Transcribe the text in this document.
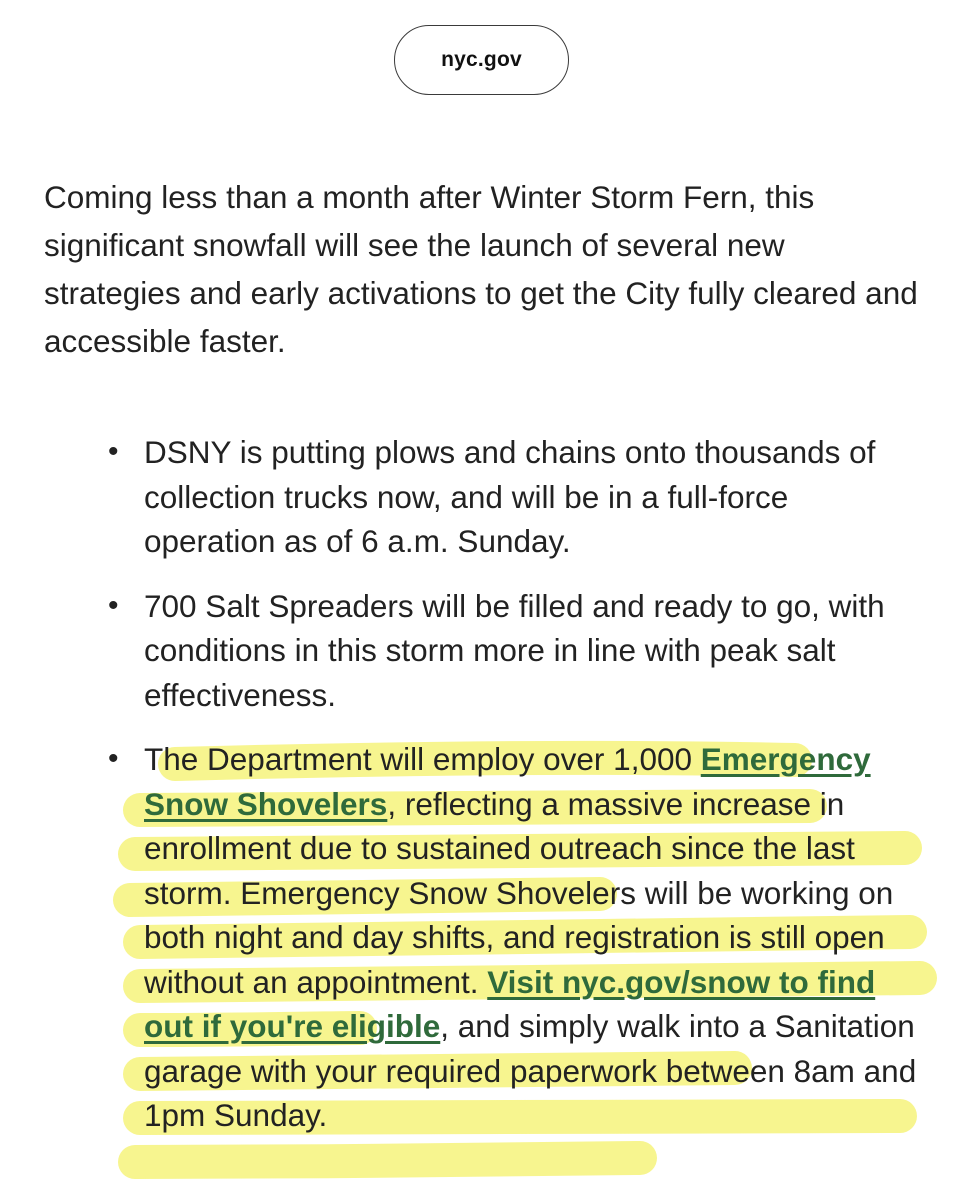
nyc.gov

Coming less than a month after Winter Storm Fern, this significant snowfall will see the launch of several new strategies and early activations to get the City fully cleared and accessible faster.

• DSNY is putting plows and chains onto thousands of collection trucks now, and will be in a full-force operation as of 6 a.m. Sunday.
• 700 Salt Spreaders will be filled and ready to go, with conditions in this storm more in line with peak salt effectiveness.
• The Department will employ over 1,000 Emergency Snow Shovelers, reflecting a massive increase in enrollment due to sustained outreach since the last storm. Emergency Snow Shovelers will be working on both night and day shifts, and registration is still open without an appointment. Visit nyc.gov/snow to find out if you're eligible, and simply walk into a Sanitation garage with your required paperwork between 8am and 1pm Sunday.
